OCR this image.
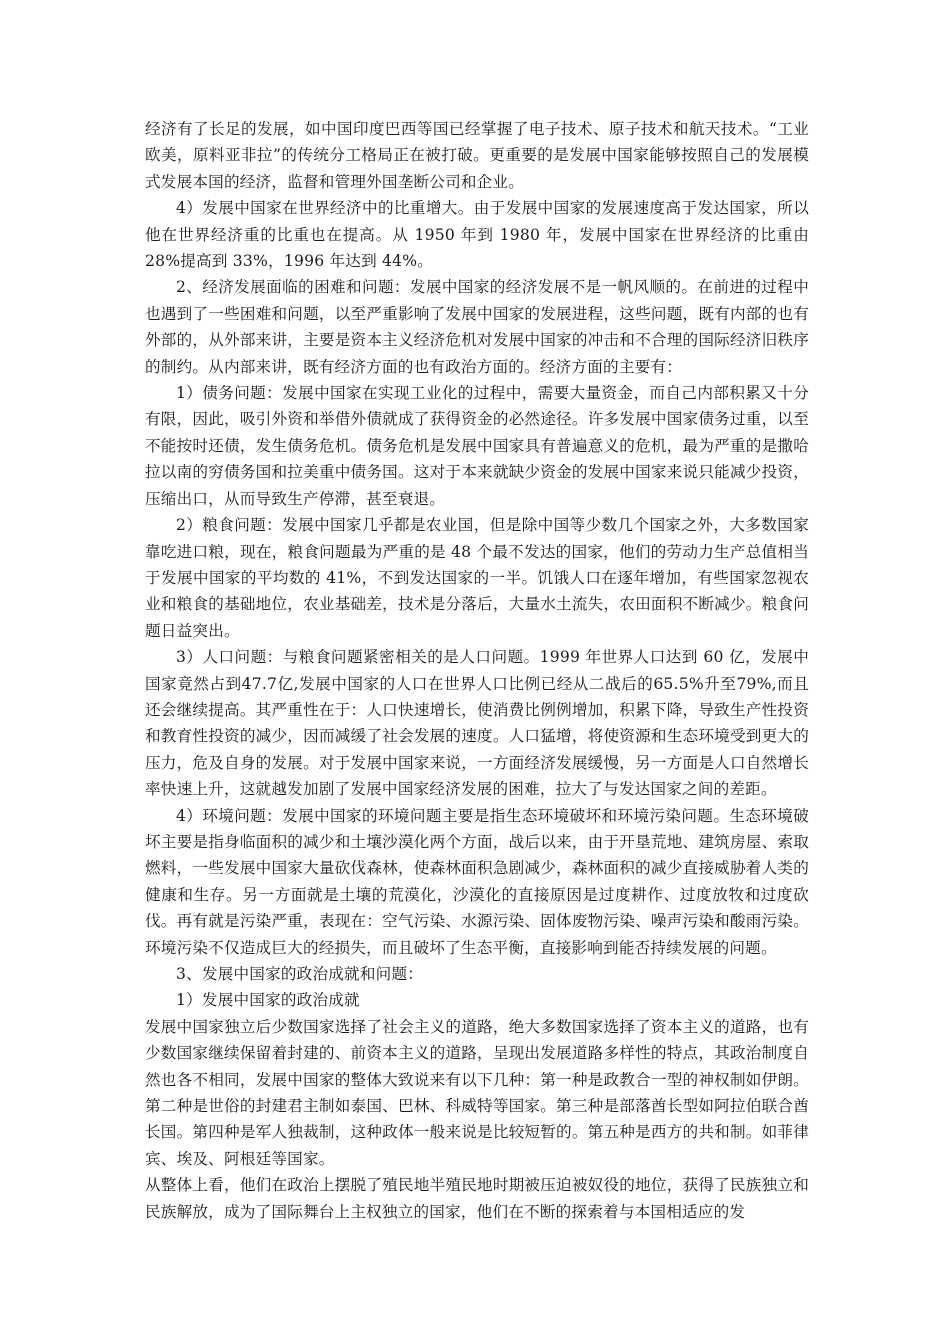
经济有了长足的发展，如中国印度巴西等国已经掌握了电子技术、原子技术和航天技术。“工业欧美，原料亚非拉”的传统分工格局正在被打破。更重要的是发展中国家能够按照自己的发展模式发展本国的经济，监督和管理外国垄断公司和企业。

4）发展中国家在世界经济中的比重增大。由于发展中国家的发展速度高于发达国家，所以他在世界经济重的比重也在提高。从 1950 年到 1980 年，发展中国家在世界经济的比重由 28%提高到 33%，1996 年达到 44%。

2、经济发展面临的困难和问题：发展中国家的经济发展不是一帆风顺的。在前进的过程中也遇到了一些困难和问题，以至严重影响了发展中国家的发展进程，这些问题，既有内部的也有外部的，从外部来讲，主要是资本主义经济危机对发展中国家的冲击和不合理的国际经济旧秩序的制约。从内部来讲，既有经济方面的也有政治方面的。经济方面的主要有：

1）债务问题：发展中国家在实现工业化的过程中，需要大量资金，而自己内部积累又十分有限，因此，吸引外资和举借外债就成了获得资金的必然途径。许多发展中国家债务过重，以至不能按时还债，发生债务危机。债务危机是发展中国家具有普遍意义的危机，最为严重的是撒哈拉以南的穷债务国和拉美重中债务国。这对于本来就缺少资金的发展中国家来说只能减少投资，压缩出口，从而导致生产停滞，甚至衰退。

2）粮食问题：发展中国家几乎都是农业国，但是除中国等少数几个国家之外，大多数国家靠吃进口粮，现在，粮食问题最为严重的是 48 个最不发达的国家，他们的劳动力生产总值相当于发展中国家的平均数的 41%，不到发达国家的一半。饥饿人口在逐年增加，有些国家忽视农业和粮食的基础地位，农业基础差，技术是分落后，大量水土流失，农田面积不断减少。粮食问题日益突出。

3）人口问题：与粮食问题紧密相关的是人口问题。1999 年世界人口达到 60 亿，发展中国家竟然占到47.7亿,发展中国家的人口在世界人口比例已经从二战后的65.5%升至79%,而且还会继续提高。其严重性在于：人口快速增长，使消费比例例增加，积累下降，导致生产性投资和教育性投资的减少，因而减缓了社会发展的速度。人口猛增，将使资源和生态环境受到更大的压力，危及自身的发展。对于发展中国家来说，一方面经济发展缓慢，另一方面是人口自然增长率快速上升，这就越发加剧了发展中国家经济发展的困难，拉大了与发达国家之间的差距。

4）环境问题：发展中国家的环境问题主要是指生态环境破坏和环境污染问题。生态环境破坏主要是指身临面积的减少和土壤沙漠化两个方面，战后以来，由于开垦荒地、建筑房屋、索取燃料，一些发展中国家大量砍伐森林，使森林面积急剧减少，森林面积的减少直接威胁着人类的健康和生存。另一方面就是土壤的荒漠化，沙漠化的直接原因是过度耕作、过度放牧和过度砍伐。再有就是污染严重，表现在：空气污染、水源污染、固体废物污染、噪声污染和酸雨污染。环境污染不仅造成巨大的经损失，而且破坏了生态平衡，直接影响到能否持续发展的问题。

3、发展中国家的政治成就和问题：

1）发展中国家的政治成就

发展中国家独立后少数国家选择了社会主义的道路，绝大多数国家选择了资本主义的道路，也有少数国家继续保留着封建的、前资本主义的道路，呈现出发展道路多样性的特点，其政治制度自然也各不相同，发展中国家的整体大致说来有以下几种：第一种是政教合一型的神权制如伊朗。第二种是世俗的封建君主制如泰国、巴林、科威特等国家。第三种是部落酋长型如阿拉伯联合酋长国。第四种是军人独裁制，这种政体一般来说是比较短暂的。第五种是西方的共和制。如菲律宾、埃及、阿根廷等国家。

从整体上看，他们在政治上摆脱了殖民地半殖民地时期被压迫被奴役的地位，获得了民族独立和民族解放，成为了国际舞台上主权独立的国家，他们在不断的探索着与本国相适应的发
